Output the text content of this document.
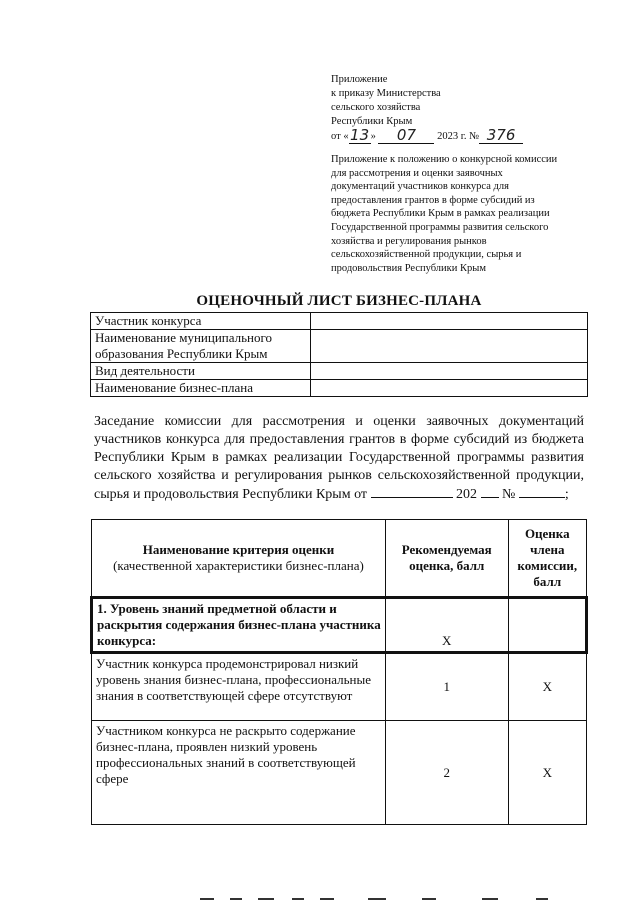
Приложение
к приказу Министерства
сельского хозяйства
Республики Крым
от «13» 07 2023 г. № 376
Приложение к положению о конкурсной комиссии
для рассмотрения и оценки заявочных
документаций участников конкурса для
предоставления грантов в форме субсидий из
бюджета Республики Крым в рамках реализации
Государственной программы развития сельского
хозяйства и регулирования рынков
сельскохозяйственной продукции, сырья и
продовольствия Республики Крым
ОЦЕНОЧНЫЙ ЛИСТ БИЗНЕС-ПЛАНА
Участник конкурса	
Наименование муниципального образования Республики Крым	
Вид деятельности	
Наименование бизнес-плана	
Заседание комиссии для рассмотрения и оценки заявочных документаций участников конкурса для предоставления грантов в форме субсидий из бюджета Республики Крым в рамках реализации Государственной программы развития сельского хозяйства и регулирования рынков сельскохозяйственной продукции, сырья и продовольствия Республики Крым от	202 №	;
Наименование критерия оценки
(качественной характеристики бизнес-плана)	Рекомендуемая оценка, балл	Оценка члена комиссии, балл
1. Уровень знаний предметной области и раскрытия содержания бизнес-плана участника конкурса:	X	
Участник конкурса продемонстрировал низкий уровень знания бизнес-плана, профессиональные знания в соответствующей сфере отсутствуют	1	X
Участником конкурса не раскрыто содержание бизнес-плана, проявлен низкий уровень профессиональных знаний в соответствующей сфере	2	X
